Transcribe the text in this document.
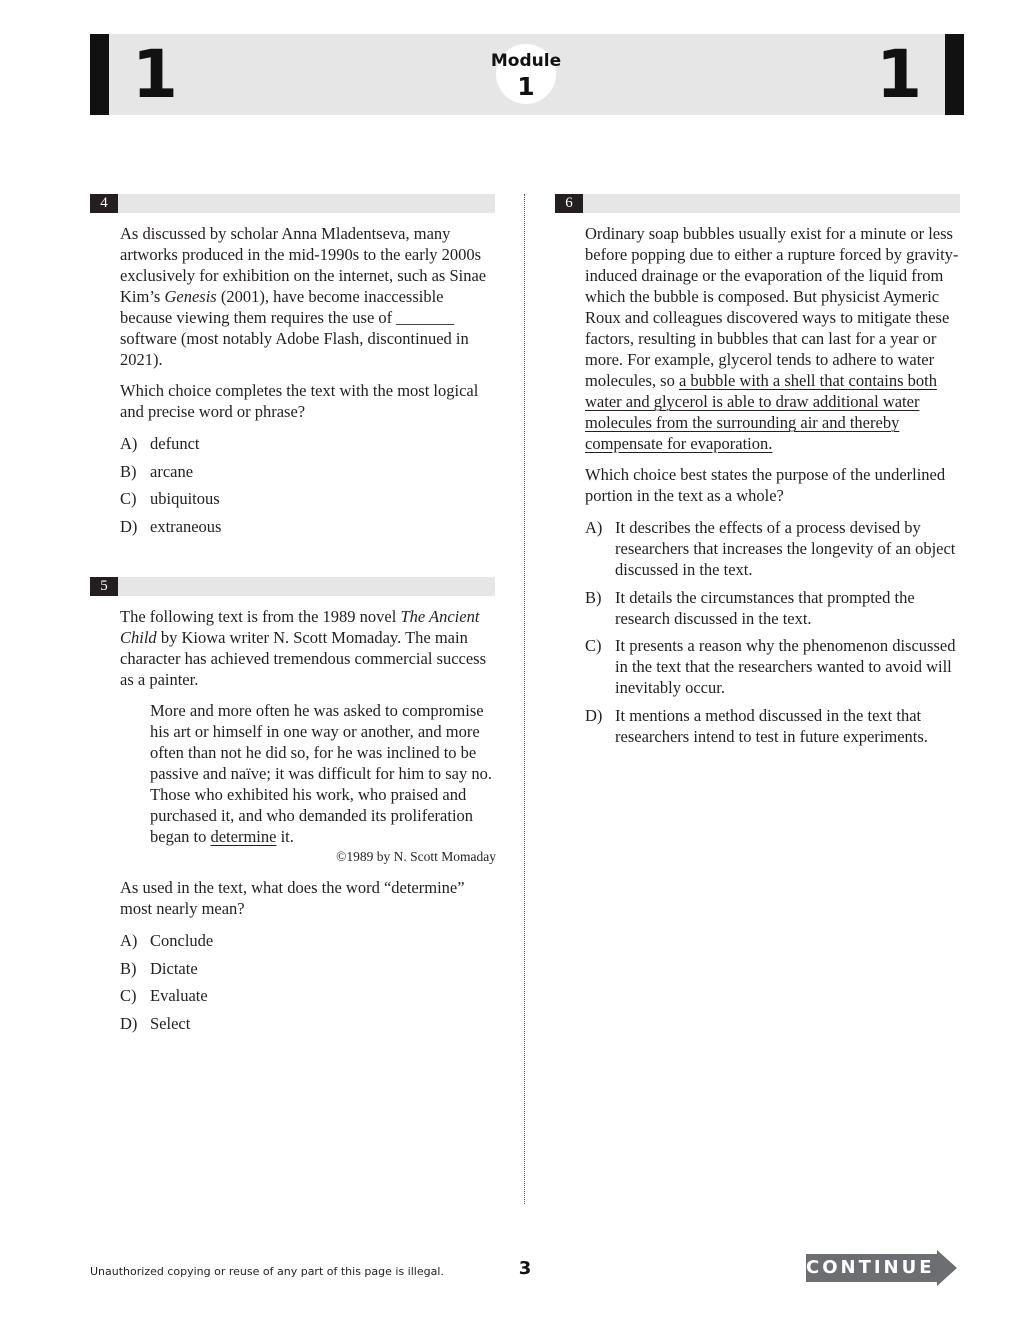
1	Module
1	1
4

As discussed by scholar Anna Mladentseva, many artworks produced in the mid-1990s to the early 2000s exclusively for exhibition on the internet, such as Sinae Kim’s Genesis (2001), have become inaccessible because viewing them requires the use of _______ software (most notably Adobe Flash, discontinued in 2021).

Which choice completes the text with the most logical and precise word or phrase?

A) defunct
B) arcane
C) ubiquitous
D) extraneous
5

The following text is from the 1989 novel The Ancient Child by Kiowa writer N. Scott Momaday. The main character has achieved tremendous commercial success as a painter.

More and more often he was asked to compromise his art or himself in one way or another, and more often than not he did so, for he was inclined to be passive and naïve; it was difficult for him to say no. Those who exhibited his work, who praised and purchased it, and who demanded its proliferation began to determine it.

©1989 by N. Scott Momaday

As used in the text, what does the word “determine” most nearly mean?

A) Conclude
B) Dictate
C) Evaluate
D) Select
6

Ordinary soap bubbles usually exist for a minute or less before popping due to either a rupture forced by gravity-induced drainage or the evaporation of the liquid from which the bubble is composed. But physicist Aymeric Roux and colleagues discovered ways to mitigate these factors, resulting in bubbles that can last for a year or more. For example, glycerol tends to adhere to water molecules, so a bubble with a shell that contains both water and glycerol is able to draw additional water molecules from the surrounding air and thereby compensate for evaporation.

Which choice best states the purpose of the underlined portion in the text as a whole?

A) It describes the effects of a process devised by researchers that increases the longevity of an object discussed in the text.
B) It details the circumstances that prompted the research discussed in the text.
C) It presents a reason why the phenomenon discussed in the text that the researchers wanted to avoid will inevitably occur.
D) It mentions a method discussed in the text that researchers intend to test in future experiments.
Unauthorized copying or reuse of any part of this page is illegal.	3	CONTINUE
